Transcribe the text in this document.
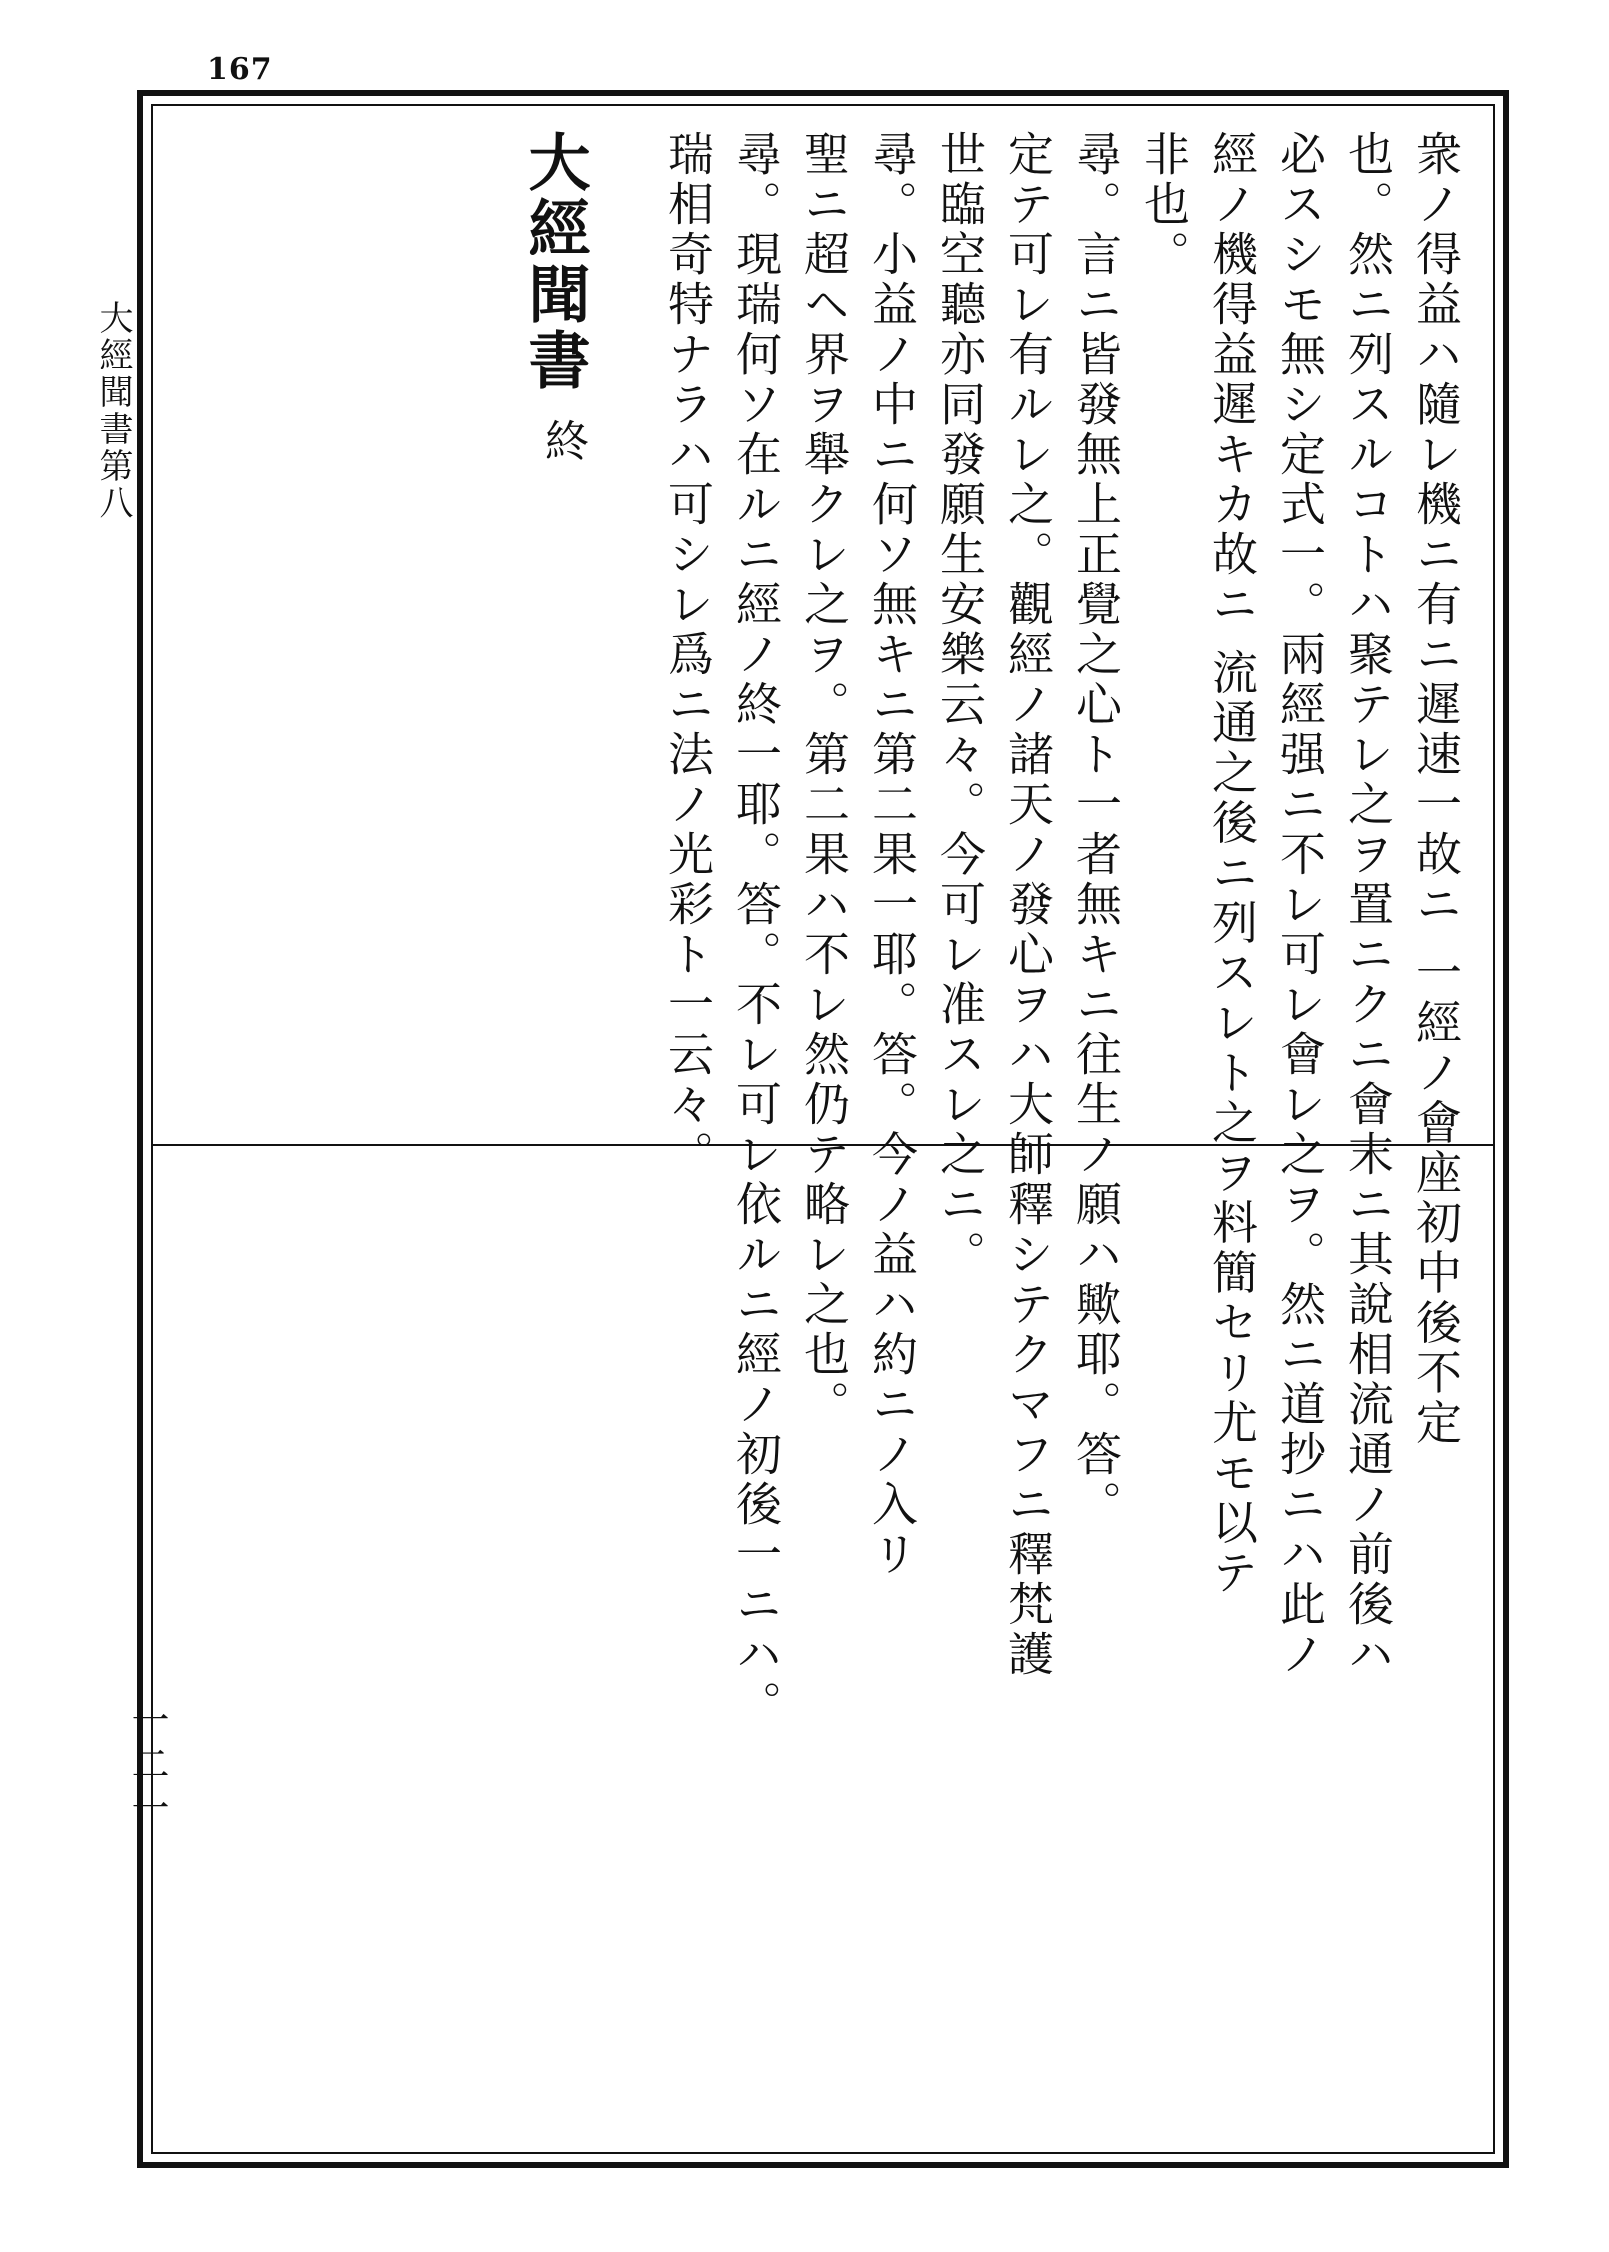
167
大經聞書第八
一二一
衆ノ得益ハ隨レ機ニ有ニ遲速一故ニ 一經ノ會座初中後不定
也。然ニ列スルコトハ聚テレ之ヲ置ニクニ會末ニ其說相流通ノ前後ハ
必スシモ無シ定式一。兩經强ニ不レ可レ會レ之ヲ。然ニ道抄ニハ此ノ
經ノ機得益遲キカ故ニ 流通之後ニ列スレト之ヲ料簡セリ尤モ以テ
非也。
尋。言ニ皆發無上正覺之心ト一者無キニ往生ノ願ハ歟耶。答。
定テ可レ有ルレ之。觀經ノ諸天ノ發心ヲハ大師釋シテクマフニ釋梵護
世臨空聽亦同發願生安樂云々。今可レ准スレ之ニ。
尋。小益ノ中ニ何ソ無キニ第二果一耶。答。今ノ益ハ約ニノ入リ
聖ニ超ヘ界ヲ舉クレ之ヲ。第二果ハ不レ然仍テ略レ之也。
尋。現瑞何ソ在ルニ經ノ終一耶。答。不レ可レ依ルニ經ノ初後一ニハ。
瑞相奇特ナラハ可シレ爲ニ法ノ光彩ト一云々。
大經聞書
終
